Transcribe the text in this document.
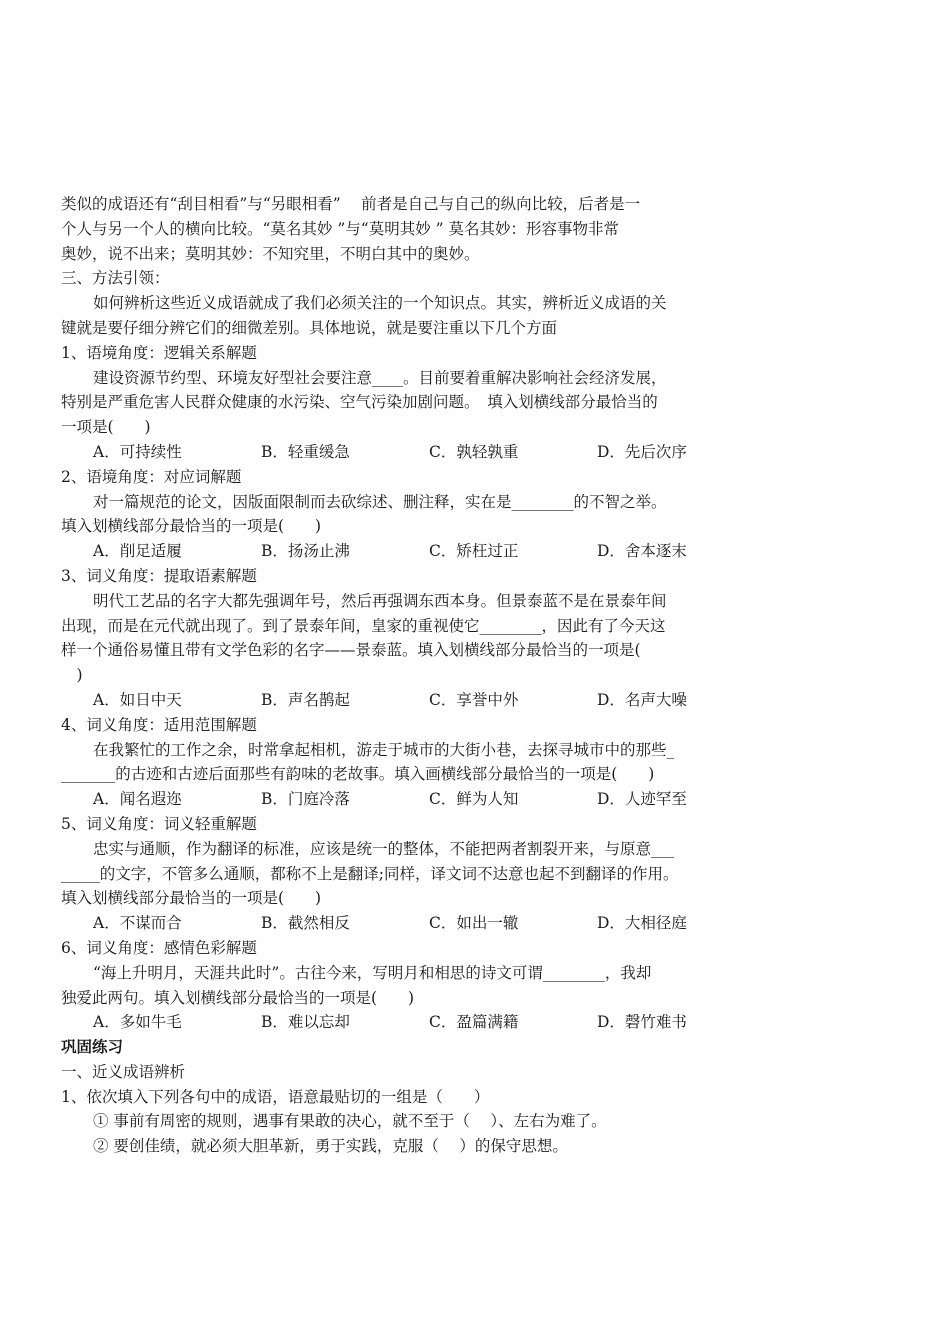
类似的成语还有“刮目相看”与“另眼相看”　 前者是自己与自己的纵向比较，后者是一
个人与另一个人的横向比较。“莫名其妙 ”与“莫明其妙 ” 莫名其妙：形容事物非常
奥妙，说不出来；莫明其妙：不知究里，不明白其中的奥妙。
三、方法引领：
如何辨析这些近义成语就成了我们必须关注的一个知识点。其实，辨析近义成语的关
键就是要仔细分辨它们的细微差别。具体地说，就是要注重以下几个方面
1、语境角度：逻辑关系解题
建设资源节约型、环境友好型社会要注意____。目前要着重解决影响社会经济发展，
特别是严重危害人民群众健康的水污染、空气污染加剧问题。　填入划横线部分最恰当的
一项是(　　)
A．可持续性	B．轻重缓急	C．孰轻孰重	D．先后次序
2、语境角度：对应词解题
对一篇规范的论文，因版面限制而去砍综述、删注释，实在是________的不智之举。
填入划横线部分最恰当的一项是(　　)
A．削足适履	B．扬汤止沸	C．矫枉过正	D．舍本逐末
3、词义角度：提取语素解题
明代工艺品的名字大都先强调年号，然后再强调东西本身。但景泰蓝不是在景泰年间
出现，而是在元代就出现了。到了景泰年间，皇家的重视使它________，因此有了今天这
样一个通俗易懂且带有文学色彩的名字——景泰蓝。填入划横线部分最恰当的一项是(
　)
A．如日中天	B．声名鹊起	C．享誉中外	D．名声大噪
4、词义角度：适用范围解题
在我繁忙的工作之余，时常拿起相机，游走于城市的大街小巷，去探寻城市中的那些_
_______的古迹和古迹后面那些有韵味的老故事。填入画横线部分最恰当的一项是(　　)
A．闻名遐迩	B．门庭冷落	C．鲜为人知	D．人迹罕至
5、词义角度：词义轻重解题
忠实与通顺，作为翻译的标准，应该是统一的整体，不能把两者割裂开来，与原意___
_____的文字，不管多么通顺，都称不上是翻译;同样，译文词不达意也起不到翻译的作用。
填入划横线部分最恰当的一项是(　　)
A．不谋而合	B．截然相反	C．如出一辙	D．大相径庭
6、词义角度：感情色彩解题
“海上升明月，天涯共此时”。古往今来，写明月和相思的诗文可谓________，我却
独爱此两句。填入划横线部分最恰当的一项是(　　)
A．多如牛毛	B．难以忘却	C．盈篇满籍	D．磬竹难书
巩固练习
一、近义成语辨析
1、依次填入下列各句中的成语，语意最贴切的一组是（　　）
① 事前有周密的规则，遇事有果敢的决心，就不至于（　 ）、左右为难了。
② 要创佳绩，就必须大胆革新，勇于实践，克服（　 ）的保守思想。
